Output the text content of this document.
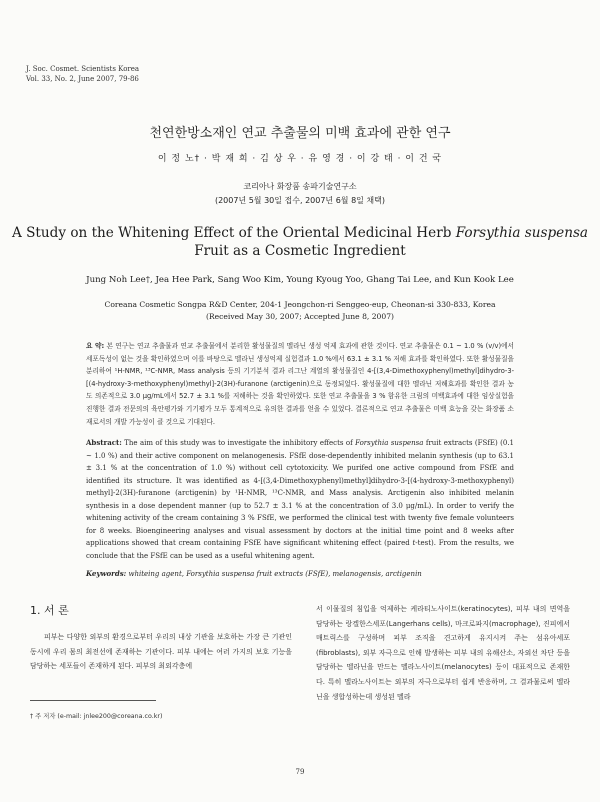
J. Soc. Cosmet. Scientists Korea
Vol. 33, No. 2, June 2007, 79-86
천연한방소재인 연교 추출물의 미백 효과에 관한 연구
이 정 노† · 박 재 희 · 김 상 우 · 유 영 경 · 이 강 태 · 이 건 국
코리아나 화장품 송파기술연구소
(2007년 5월 30일 접수, 2007년 6월 8일 채택)
A Study on the Whitening Effect of the Oriental Medicinal Herb Forsythia suspensa
Fruit as a Cosmetic Ingredient
Jung Noh Lee†, Jea Hee Park, Sang Woo Kim, Young Kyoug Yoo, Ghang Tai Lee, and Kun Kook Lee
Coreana Cosmetic Songpa R&D Center, 204-1 Jeongchon-ri Senggeo-eup, Cheonan-si 330-833, Korea
(Received May 30, 2007; Accepted June 8, 2007)

요 약: 본 연구는 연교 추출물과 연교 추출물에서 분리한 활성물질의 멜라닌 생성 억제 효과에 관한 것이다. 연교 추출물은 0.1 ~ 1.0 % (v/v)에서 세포독성이 없는 것을 확인하였으며 이를 바탕으로 멜라닌 생성억제 실험결과 1.0 %에서 63.1 ± 3.1 % 저해 효과를 확인하였다. 또한 활성물질을 분리하여 ¹H-NMR, ¹³C-NMR, Mass analysis 등의 기기분석 결과 리그난 계열의 활성물질인 4-[(3,4-Dimethoxyphenyl)methyl]dihydro-3-[(4-hydroxy-3-methoxyphenyl)methyl]-2(3H)-furanone (arctigenin)으로 동정되었다. 활성물질에 대한 멜라닌 저해효과를 확인한 결과 농도 의존적으로 3.0 μg/mL에서 52.7 ± 3.1 %를 저해하는 것을 확인하였다. 또한 연교 추출물을 3 % 함유한 크림의 미백효과에 대한 임상실험을 진행한 결과 전문의의 육안평가와 기기평가 모두 통계적으로 유의한 결과를 얻을 수 있었다. 결론적으로 연교 추출물은 미백 효능을 갖는 화장품 소재로서의 개발 가능성이 클 것으로 기대된다.

Abstract: The aim of this study was to investigate the inhibitory effects of Forsythia suspensa fruit extracts (FSfE) (0.1 ~ 1.0 %) and their active component on melanogenesis. FSfE dose-dependently inhibited melanin synthesis (up to 63.1 ± 3.1 % at the concentration of 1.0 %) without cell cytotoxicity. We purifed one active compound from FSfE and identified its structure. It was identified as 4-[(3,4-Dimethoxyphenyl)methyl]dihydro-3-[(4-hydroxy-3-methoxyphenyl) methyl]-2(3H)-furanone (arctigenin) by ¹H-NMR, ¹³C-NMR, and Mass analysis. Arctigenin also inhibited melanin synthesis in a dose dependent manner (up to 52.7 ± 3.1 % at the concentration of 3.0 μg/mL). In order to verify the whitening activity of the cream containing 3 % FSfE, we performed the clinical test with twenty five female volunteers for 8 weeks. Bioengineering analyses and visual assessment by doctors at the initial time point and 8 weeks after applications showed that cream containing FSfE have significant whitening effect (paired t-test). From the results, we conclude that the FSfE can be used as a useful whitening agent.

Keywords: whiteing agent, Forsythia suspensa fruit extracts (FSfE), melanogensis, arctigenin
1. 서 론

피부는 다양한 외부의 환경으로부터 우리의 내상 기관을 보호하는 가장 큰 기관인 동시에 우리 몸의 최전선에 존재하는 기관이다. 피부 내에는 여러 가지의 보호 기능을 담당하는 세포들이 존재하게 된다. 피부의 최외각층에

서 이물질의 침입을 억제하는 케라티노사이트(keratinocytes), 피부 내의 면역을 담당하는 랑겔한스세포(Langerhans cells), 마크로파지(macrophage), 진피에서 매트릭스를 구성하며 피부 조직을 견고하게 유지시켜 주는 섬유아세포(fibroblasts), 외부 자극으로 인해 발생하는 피부 내의 유해산소, 자외선 차단 등을 담당하는 멜라닌을 만드는 멜라노사이트(melanocytes) 등이 대표적으로 존재한다. 특히 멜라노사이트는 외부의 자극으로부터 쉽게 반응하며, 그 결과물로써 멜라닌을 생합성하는데 생성된 멜라

† 주 저자 (e-mail: jnlee200@coreana.co.kr)
79
